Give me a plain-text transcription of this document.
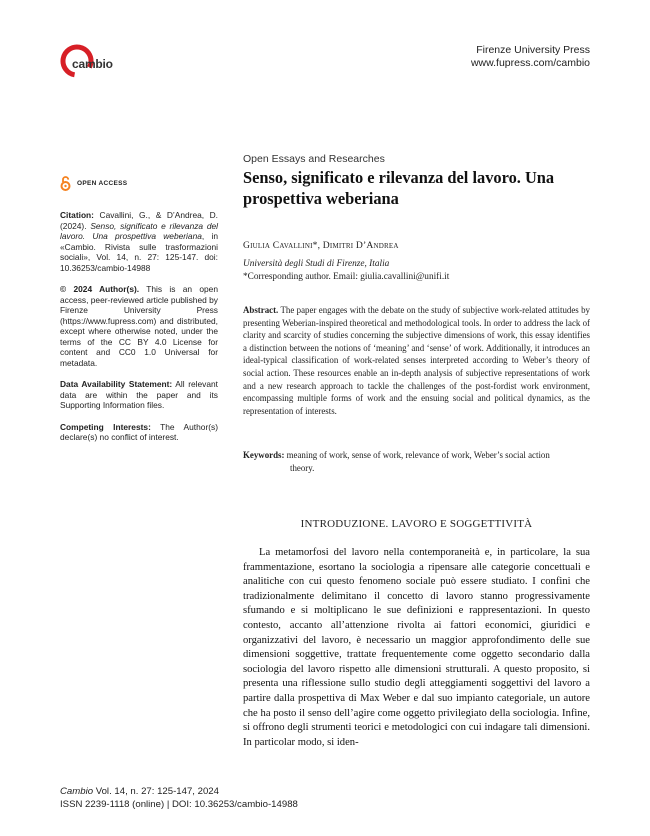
cambio
Firenze University Press
www.fupress.com/cambio
OPEN ACCESS

Citation: Cavallini, G., & D’Andrea, D. (2024). Senso, significato e rilevanza del lavoro. Una prospettiva weberiana, in «Cambio. Rivista sulle trasformazioni sociali», Vol. 14, n. 27: 125-147. doi: 10.36253/cambio-14988

© 2024 Author(s). This is an open access, peer-reviewed article published by Firenze University Press (https://www.fupress.com) and distributed, except where otherwise noted, under the terms of the CC BY 4.0 License for content and CC0 1.0 Universal for metadata.

Data Availability Statement: All relevant data are within the paper and its Supporting Information files.

Competing Interests: The Author(s) declare(s) no conflict of interest.

Open Essays and Researches
Senso, significato e rilevanza del lavoro. Una prospettiva weberiana
Giulia Cavallini*, Dimitri D’Andrea
Università degli Studi di Firenze, Italia
*Corresponding author. Email: giulia.cavallini@unifi.it
Abstract. The paper engages with the debate on the study of subjective work-related attitudes by presenting Weberian-inspired theoretical and methodological tools. In order to address the lack of clarity and scarcity of studies concerning the subjective dimensions of work, this essay identifies a distinction between the notions of ‘meaning’ and ‘sense’ of work. Additionally, it introduces an ideal-typical classification of work-related senses interpreted according to Weber’s theory of social action. These resources enable an in-depth analysis of subjective representations of work and a new research approach to tackle the challenges of the post-fordist work environment, encompassing multiple forms of work and the ensuing social and political dynamics, as the representation of interests.
Keywords: meaning of work, sense of work, relevance of work, Weber’s social action
theory.
INTRODUZIONE. LAVORO E SOGGETTIVITÀ
La metamorfosi del lavoro nella contemporaneità e, in particolare, la sua frammentazione, esortano la sociologia a ripensare alle categorie concettuali e analitiche con cui questo fenomeno sociale può essere studiato. I confini che tradizionalmente delimitano il concetto di lavoro stanno progressivamente sfumando e si moltiplicano le sue definizioni e rappresentazioni. In questo contesto, accanto all’attenzione rivolta ai fattori economici, giuridici e organizzativi del lavoro, è necessario un maggior approfondimento delle sue dimensioni soggettive, trattate frequentemente come oggetto secondario dalla sociologia del lavoro rispetto alle dimensioni strutturali. A questo proposito, si presenta una riflessione sullo studio degli atteggiamenti soggettivi del lavoro a partire dalla prospettiva di Max Weber e dal suo impianto categoriale, un autore che ha posto il senso dell’agire come oggetto privilegiato della sociologia. Infine, si offrono degli strumenti teorici e metodologici con cui indagare tali dimensioni. In particolar modo, si iden-
Cambio Vol. 14, n. 27: 125-147, 2024
ISSN 2239-1118 (online) | DOI: 10.36253/cambio-14988
